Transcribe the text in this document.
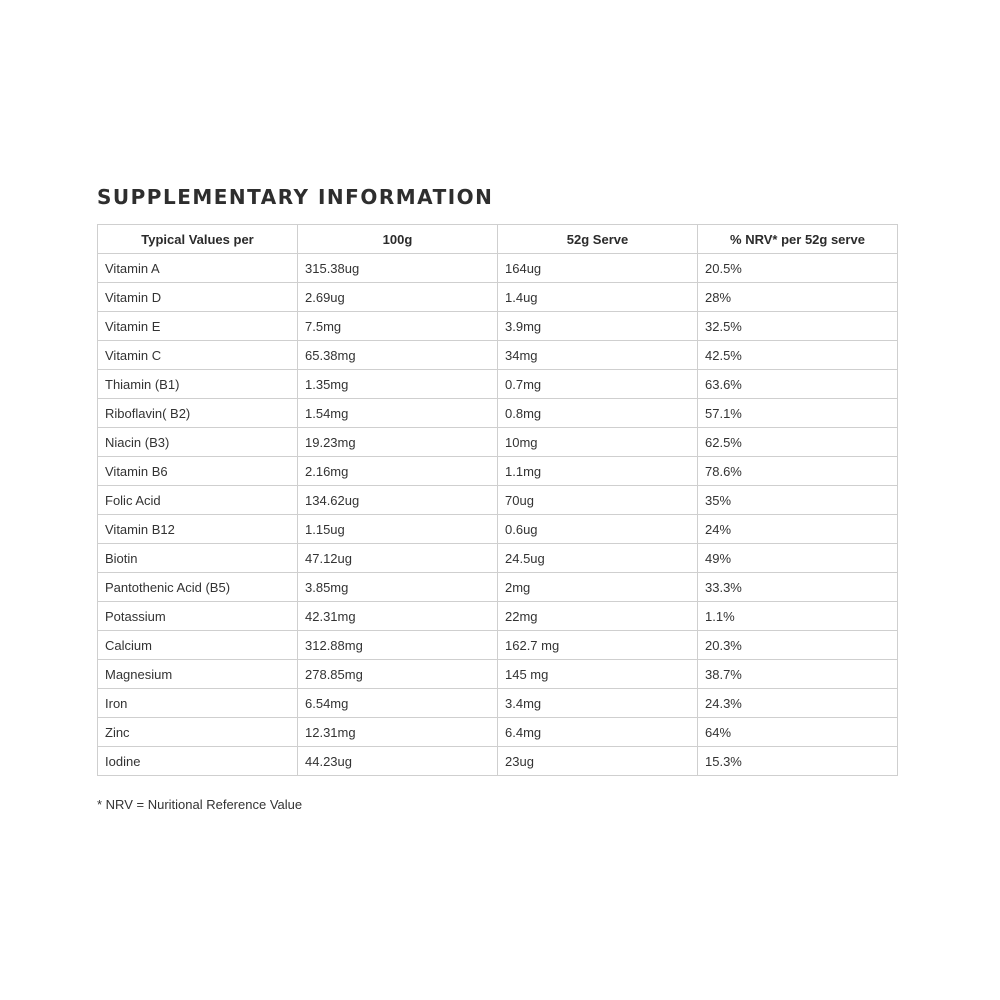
SUPPLEMENTARY INFORMATION
Typical Values per	100g	52g Serve	% NRV* per 52g serve
Vitamin A	315.38ug	164ug	20.5%
Vitamin D	2.69ug	1.4ug	28%
Vitamin E	7.5mg	3.9mg	32.5%
Vitamin C	65.38mg	34mg	42.5%
Thiamin (B1)	1.35mg	0.7mg	63.6%
Riboflavin( B2)	1.54mg	0.8mg	57.1%
Niacin (B3)	19.23mg	10mg	62.5%
Vitamin B6	2.16mg	1.1mg	78.6%
Folic Acid	134.62ug	70ug	35%
Vitamin B12	1.15ug	0.6ug	24%
Biotin	47.12ug	24.5ug	49%
Pantothenic Acid (B5)	3.85mg	2mg	33.3%
Potassium	42.31mg	22mg	1.1%
Calcium	312.88mg	162.7 mg	20.3%
Magnesium	278.85mg	145 mg	38.7%
Iron	6.54mg	3.4mg	24.3%
Zinc	12.31mg	6.4mg	64%
Iodine	44.23ug	23ug	15.3%

* NRV = Nuritional Reference Value
